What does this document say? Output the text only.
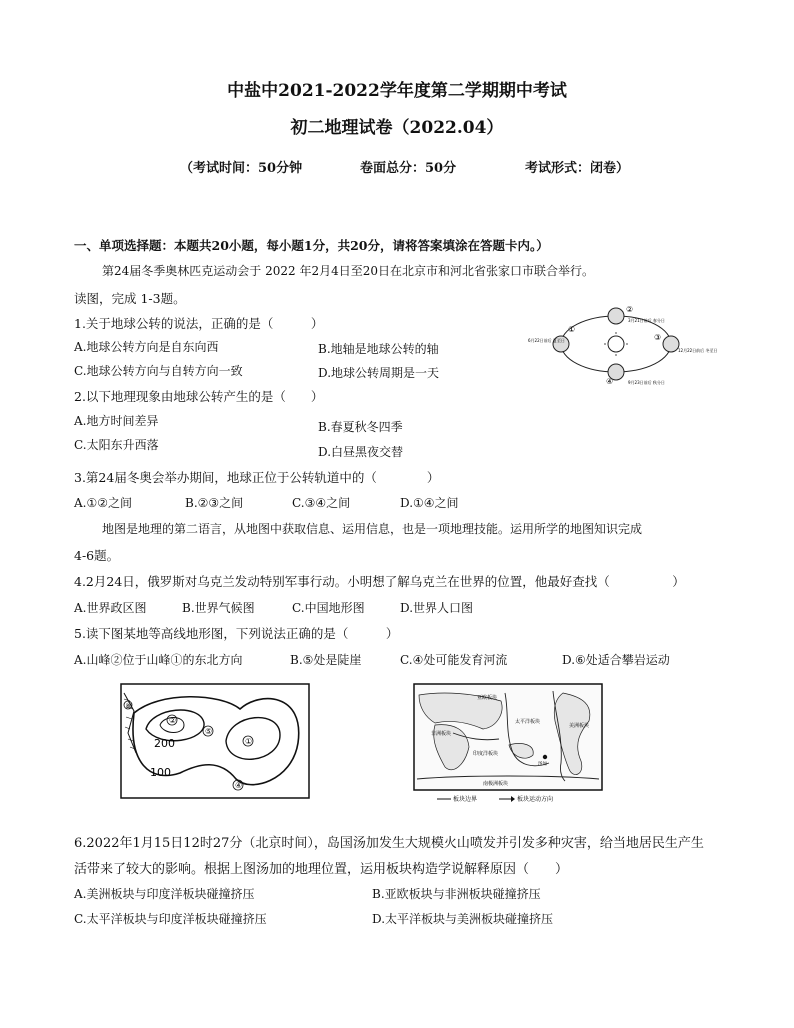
中盐中2021-2022学年度第二学期期中考试
初二地理试卷（2022.04）
（考试时间：50分钟	卷面总分：50分	考试形式：闭卷）
一、单项选择题：本题共20小题，每小题1分，共20分，请将答案填涂在答题卡内。）
第24届冬季奥林匹克运动会于 2022 年2月4日至20日在北京市和河北省张家口市联合举行。
读图，完成 1-3题。
1.关于地球公转的说法，正确的是（　　　）
A.地球公转方向是自东向西	B.地轴是地球公转的轴
C.地球公转方向与自转方向一致	D.地球公转周期是一天
2.以下地理现象由地球公转产生的是（　　）
A.地方时间差异	B.春夏秋冬四季
C.太阳东升西落	D.白昼黑夜交替
3.第24届冬奥会举办期间，地球正位于公转轨道中的（　　　　）
A.①②之间	B.②③之间	C.③④之间	D.①④之间
地图是地理的第二语言，从地图中获取信息、运用信息，也是一项地理技能。运用所学的地图知识完成
4-6题。
4.2月24日，俄罗斯对乌克兰发动特别军事行动。小明想了解乌克兰在世界的位置，他最好查找（　　　　　）
A.世界政区图	B.世界气候图	C.中国地形图	D.世界人口图
5.读下图某地等高线地形图，下列说法正确的是（　　　）
A.山峰②位于山峰①的东北方向	B.⑤处是陡崖	C.④处可能发育河流	D.⑥处适合攀岩运动
6.2022年1月15日12时27分（北京时间），岛国汤加发生大规模火山喷发并引发多种灾害，给当地居民生产生
活带来了较大的影响。根据上图汤加的地理位置，运用板块构造学说解释原因（　　）
A.美洲板块与印度洋板块碰撞挤压	B.亚欧板块与非洲板块碰撞挤压
C.太平洋板块与印度洋板块碰撞挤压	D.太平洋板块与美洲板块碰撞挤压
①
②
③
④
6月22日前后 夏至日
3月21日前后 春分日
12月22日前后 冬至日
9月23日前后 秋分日
②
①
④
⑤
⑥
200
100
亚欧板块
太平洋板块
非洲板块
美洲板块
印度洋板块
南极洲板块
汤加
板块边界	板块运动方向
